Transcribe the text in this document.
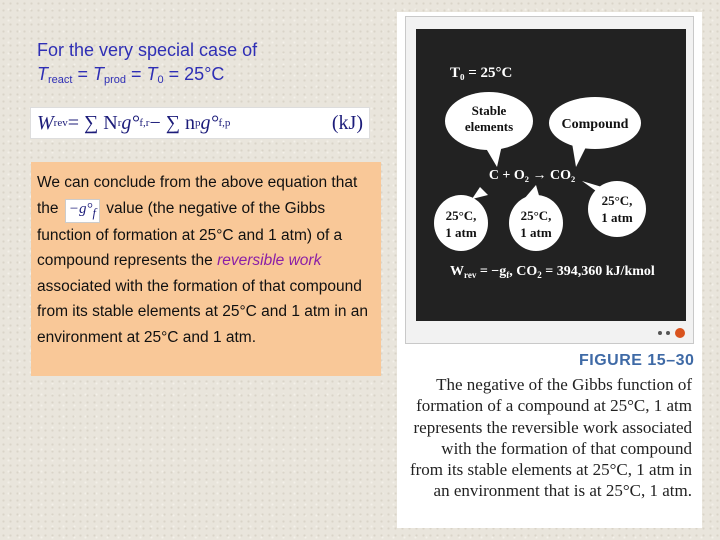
For the very special case of
$T_{react} = T_{prod} = T_0 = 25^\circ C$
W rev = ∑ N r g° f,r − ∑ n p g° f,p	(kJ)
We can conclude from the above equation that the $-g^\circ_f$ value (the negative of the Gibbs function of formation at 25°C and 1 atm) of a compound represents the reversible work associated with the formation of that compound from its stable elements at 25°C and 1 atm in an environment at 25°C and 1 atm.
T₀ = 25°C
Stable
elements	Compound
C + O₂ → CO₂
25°C,
1 atm
25°C,
1 atm
25°C,
1 atm
$W_{rev} = -g_f$, $CO_2 = 394,360$ kJ/kmol
FIGURE 15–30
The negative of the Gibbs function of formation of a compound at 25°C, 1 atm represents the reversible work associated with the formation of that compound from its stable elements at 25°C, 1 atm in an environment that is at 25°C, 1 atm.
